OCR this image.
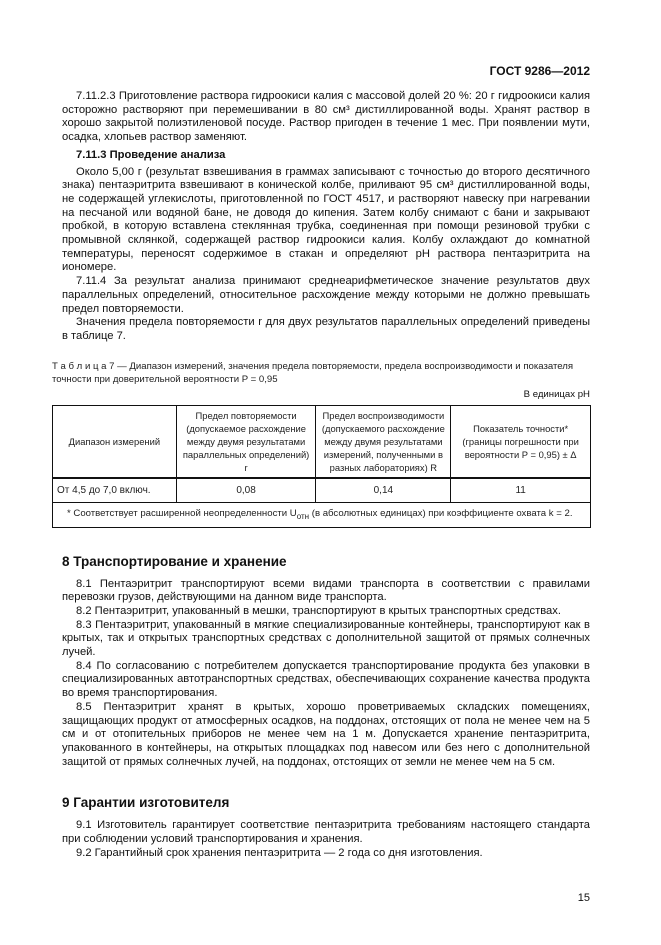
ГОСТ 9286—2012

7.11.2.3 Приготовление раствора гидроокиси калия с массовой долей 20 %: 20 г гидроокиси калия осторожно растворяют при перемешивании в 80 см³ дистиллированной воды. Хранят раствор в хорошо закрытой полиэтиленовой посуде. Раствор пригоден в течение 1 мес. При появлении мути, осадка, хлопьев раствор заменяют.

7.11.3 Проведение анализа

Около 5,00 г (результат взвешивания в граммах записывают с точностью до второго десятичного знака) пентаэритрита взвешивают в конической колбе, приливают 95 см³ дистиллированной воды, не содержащей углекислоты, приготовленной по ГОСТ 4517, и растворяют навеску при нагревании на песчаной или водяной бане, не доводя до кипения. Затем колбу снимают с бани и закрывают пробкой, в которую вставлена стеклянная трубка, соединенная при помощи резиновой трубки с промывной склянкой, содержащей раствор гидроокиси калия. Колбу охлаждают до комнатной температуры, переносят содержимое в стакан и определяют pH раствора пентаэритрита на иономере.

7.11.4 За результат анализа принимают среднеарифметическое значение результатов двух параллельных определений, относительное расхождение между которыми не должно превышать предел повторяемости.

Значения предела повторяемости r для двух результатов параллельных определений приведены в таблице 7.

Т а б л и ц а 7 — Диапазон измерений, значения предела повторяемости, предела воспроизводимости и показателя точности при доверительной вероятности P = 0,95
В единицах pH
Диапазон измерений	Предел повторяемости (допускаемое расхождение между двумя результатами параллельных определений) r	Предел воспроизводимости (допускаемого расхождение между двумя результатами измерений, полученными в разных лабораториях) R	Показатель точности* (границы погрешности при вероятности P = 0,95) ± Δ
От 4,5 до 7,0 включ.	0,08	0,14	11
* Соответствует расширенной неопределенности $U_{отн}$ (в абсолютных единицах) при коэффициенте охвата k = 2.			
8 Транспортирование и хранение

8.1 Пентаэритрит транспортируют всеми видами транспорта в соответствии с правилами перевозки грузов, действующими на данном виде транспорта.

8.2 Пентаэритрит, упакованный в мешки, транспортируют в крытых транспортных средствах.

8.3 Пентаэритрит, упакованный в мягкие специализированные контейнеры, транспортируют как в крытых, так и открытых транспортных средствах с дополнительной защитой от прямых солнечных лучей.

8.4 По согласованию с потребителем допускается транспортирование продукта без упаковки в специализированных автотранспортных средствах, обеспечивающих сохранение качества продукта во время транспортирования.

8.5 Пентаэритрит хранят в крытых, хорошо проветриваемых складских помещениях, защищающих продукт от атмосферных осадков, на поддонах, отстоящих от пола не менее чем на 5 см и от отопительных приборов не менее чем на 1 м. Допускается хранение пентаэритрита, упакованного в контейнеры, на открытых площадках под навесом или без него с дополнительной защитой от прямых солнечных лучей, на поддонах, отстоящих от земли не менее чем на 5 см.

9 Гарантии изготовителя

9.1 Изготовитель гарантирует соответствие пентаэритрита требованиям настоящего стандарта при соблюдении условий транспортирования и хранения.

9.2 Гарантийный срок хранения пентаэритрита — 2 года со дня изготовления.

15
